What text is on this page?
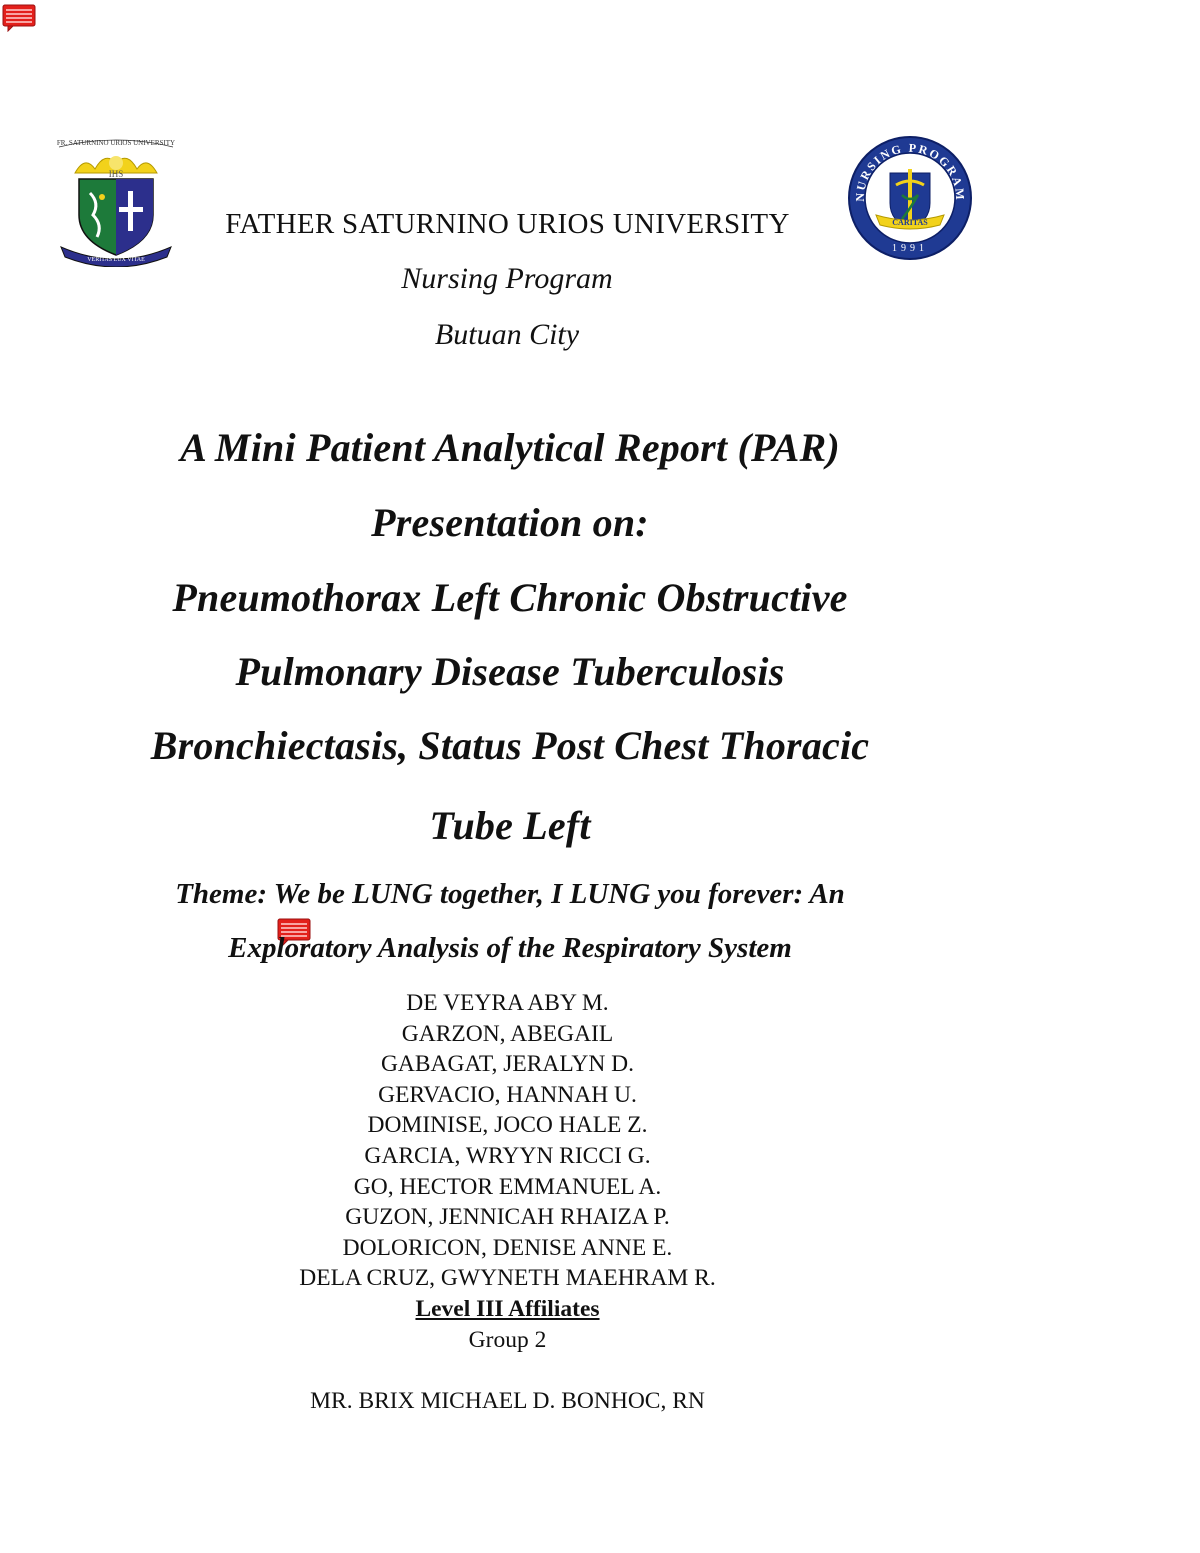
FR. SATURNINO URIOS UNIVERSITY
IHS
VERITAS LUX VITAE
NURSING PROGRAM
1991
CARITAS
FATHER SATURNINO URIOS UNIVERSITY
Nursing Program
Butuan City
A Mini Patient Analytical Report (PAR)
Presentation on:
Pneumothorax Left Chronic Obstructive
Pulmonary Disease Tuberculosis
Bronchiectasis, Status Post Chest Thoracic
Tube Left
Theme: We be LUNG together, I LUNG you forever: An
Exploratory Analysis of the Respiratory System
DE VEYRA ABY M.
GARZON, ABEGAIL
GABAGAT, JERALYN D.
GERVACIO, HANNAH U.
DOMINISE, JOCO HALE Z.
GARCIA, WRYYN RICCI G.
GO, HECTOR EMMANUEL A.
GUZON, JENNICAH RHAIZA P.
DOLORICON, DENISE ANNE E.
DELA CRUZ, GWYNETH MAEHRAM R.
Level III Affiliates
Group 2
MR. BRIX MICHAEL D. BONHOC, RN
